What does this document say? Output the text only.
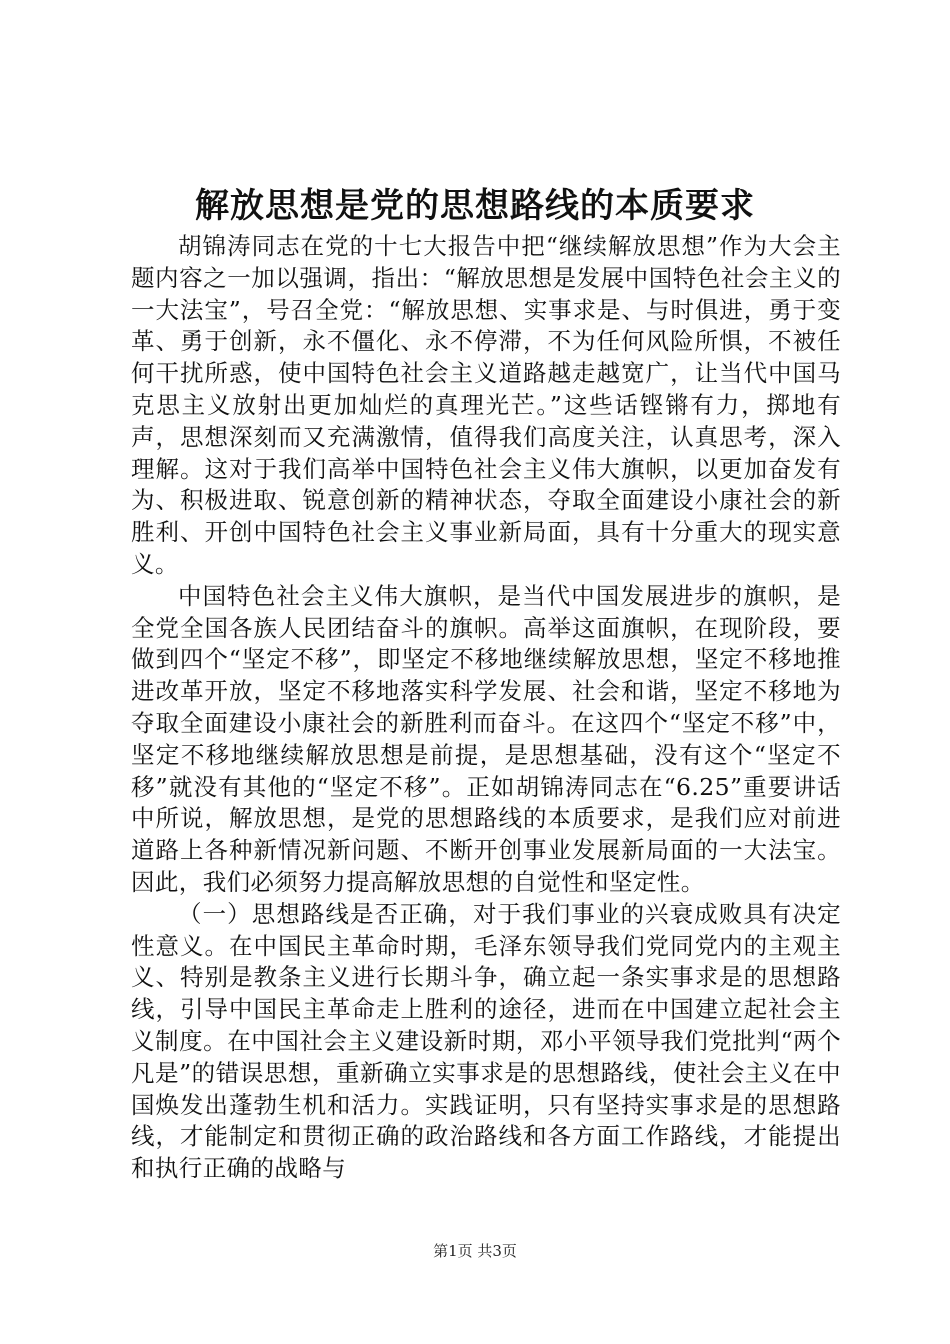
解放思想是党的思想路线的本质要求

胡锦涛同志在党的十七大报告中把“继续解放思想”作为大会主题内容之一加以强调，指出：“解放思想是发展中国特色社会主义的一大法宝”，号召全党：“解放思想、实事求是、与时俱进，勇于变革、勇于创新，永不僵化、永不停滞，不为任何风险所惧，不被任何干扰所惑，使中国特色社会主义道路越走越宽广，让当代中国马克思主义放射出更加灿烂的真理光芒。”这些话铿锵有力，掷地有声，思想深刻而又充满激情，值得我们高度关注，认真思考，深入理解。这对于我们高举中国特色社会主义伟大旗帜，以更加奋发有为、积极进取、锐意创新的精神状态，夺取全面建设小康社会的新胜利、开创中国特色社会主义事业新局面，具有十分重大的现实意义。

中国特色社会主义伟大旗帜，是当代中国发展进步的旗帜，是全党全国各族人民团结奋斗的旗帜。高举这面旗帜，在现阶段，要做到四个“坚定不移”，即坚定不移地继续解放思想，坚定不移地推进改革开放，坚定不移地落实科学发展、社会和谐，坚定不移地为夺取全面建设小康社会的新胜利而奋斗。在这四个“坚定不移”中，坚定不移地继续解放思想是前提，是思想基础，没有这个“坚定不移”就没有其他的“坚定不移”。正如胡锦涛同志在“6.25”重要讲话中所说，解放思想，是党的思想路线的本质要求，是我们应对前进道路上各种新情况新问题、不断开创事业发展新局面的一大法宝。因此，我们必须努力提高解放思想的自觉性和坚定性。

（一）思想路线是否正确，对于我们事业的兴衰成败具有决定性意义。在中国民主革命时期，毛泽东领导我们党同党内的主观主义、特别是教条主义进行长期斗争，确立起一条实事求是的思想路线，引导中国民主革命走上胜利的途径，进而在中国建立起社会主义制度。在中国社会主义建设新时期，邓小平领导我们党批判“两个凡是”的错误思想，重新确立实事求是的思想路线，使社会主义在中国焕发出蓬勃生机和活力。实践证明，只有坚持实事求是的思想路线，才能制定和贯彻正确的政治路线和各方面工作路线，才能提出和执行正确的战略与

第1页 共3页
